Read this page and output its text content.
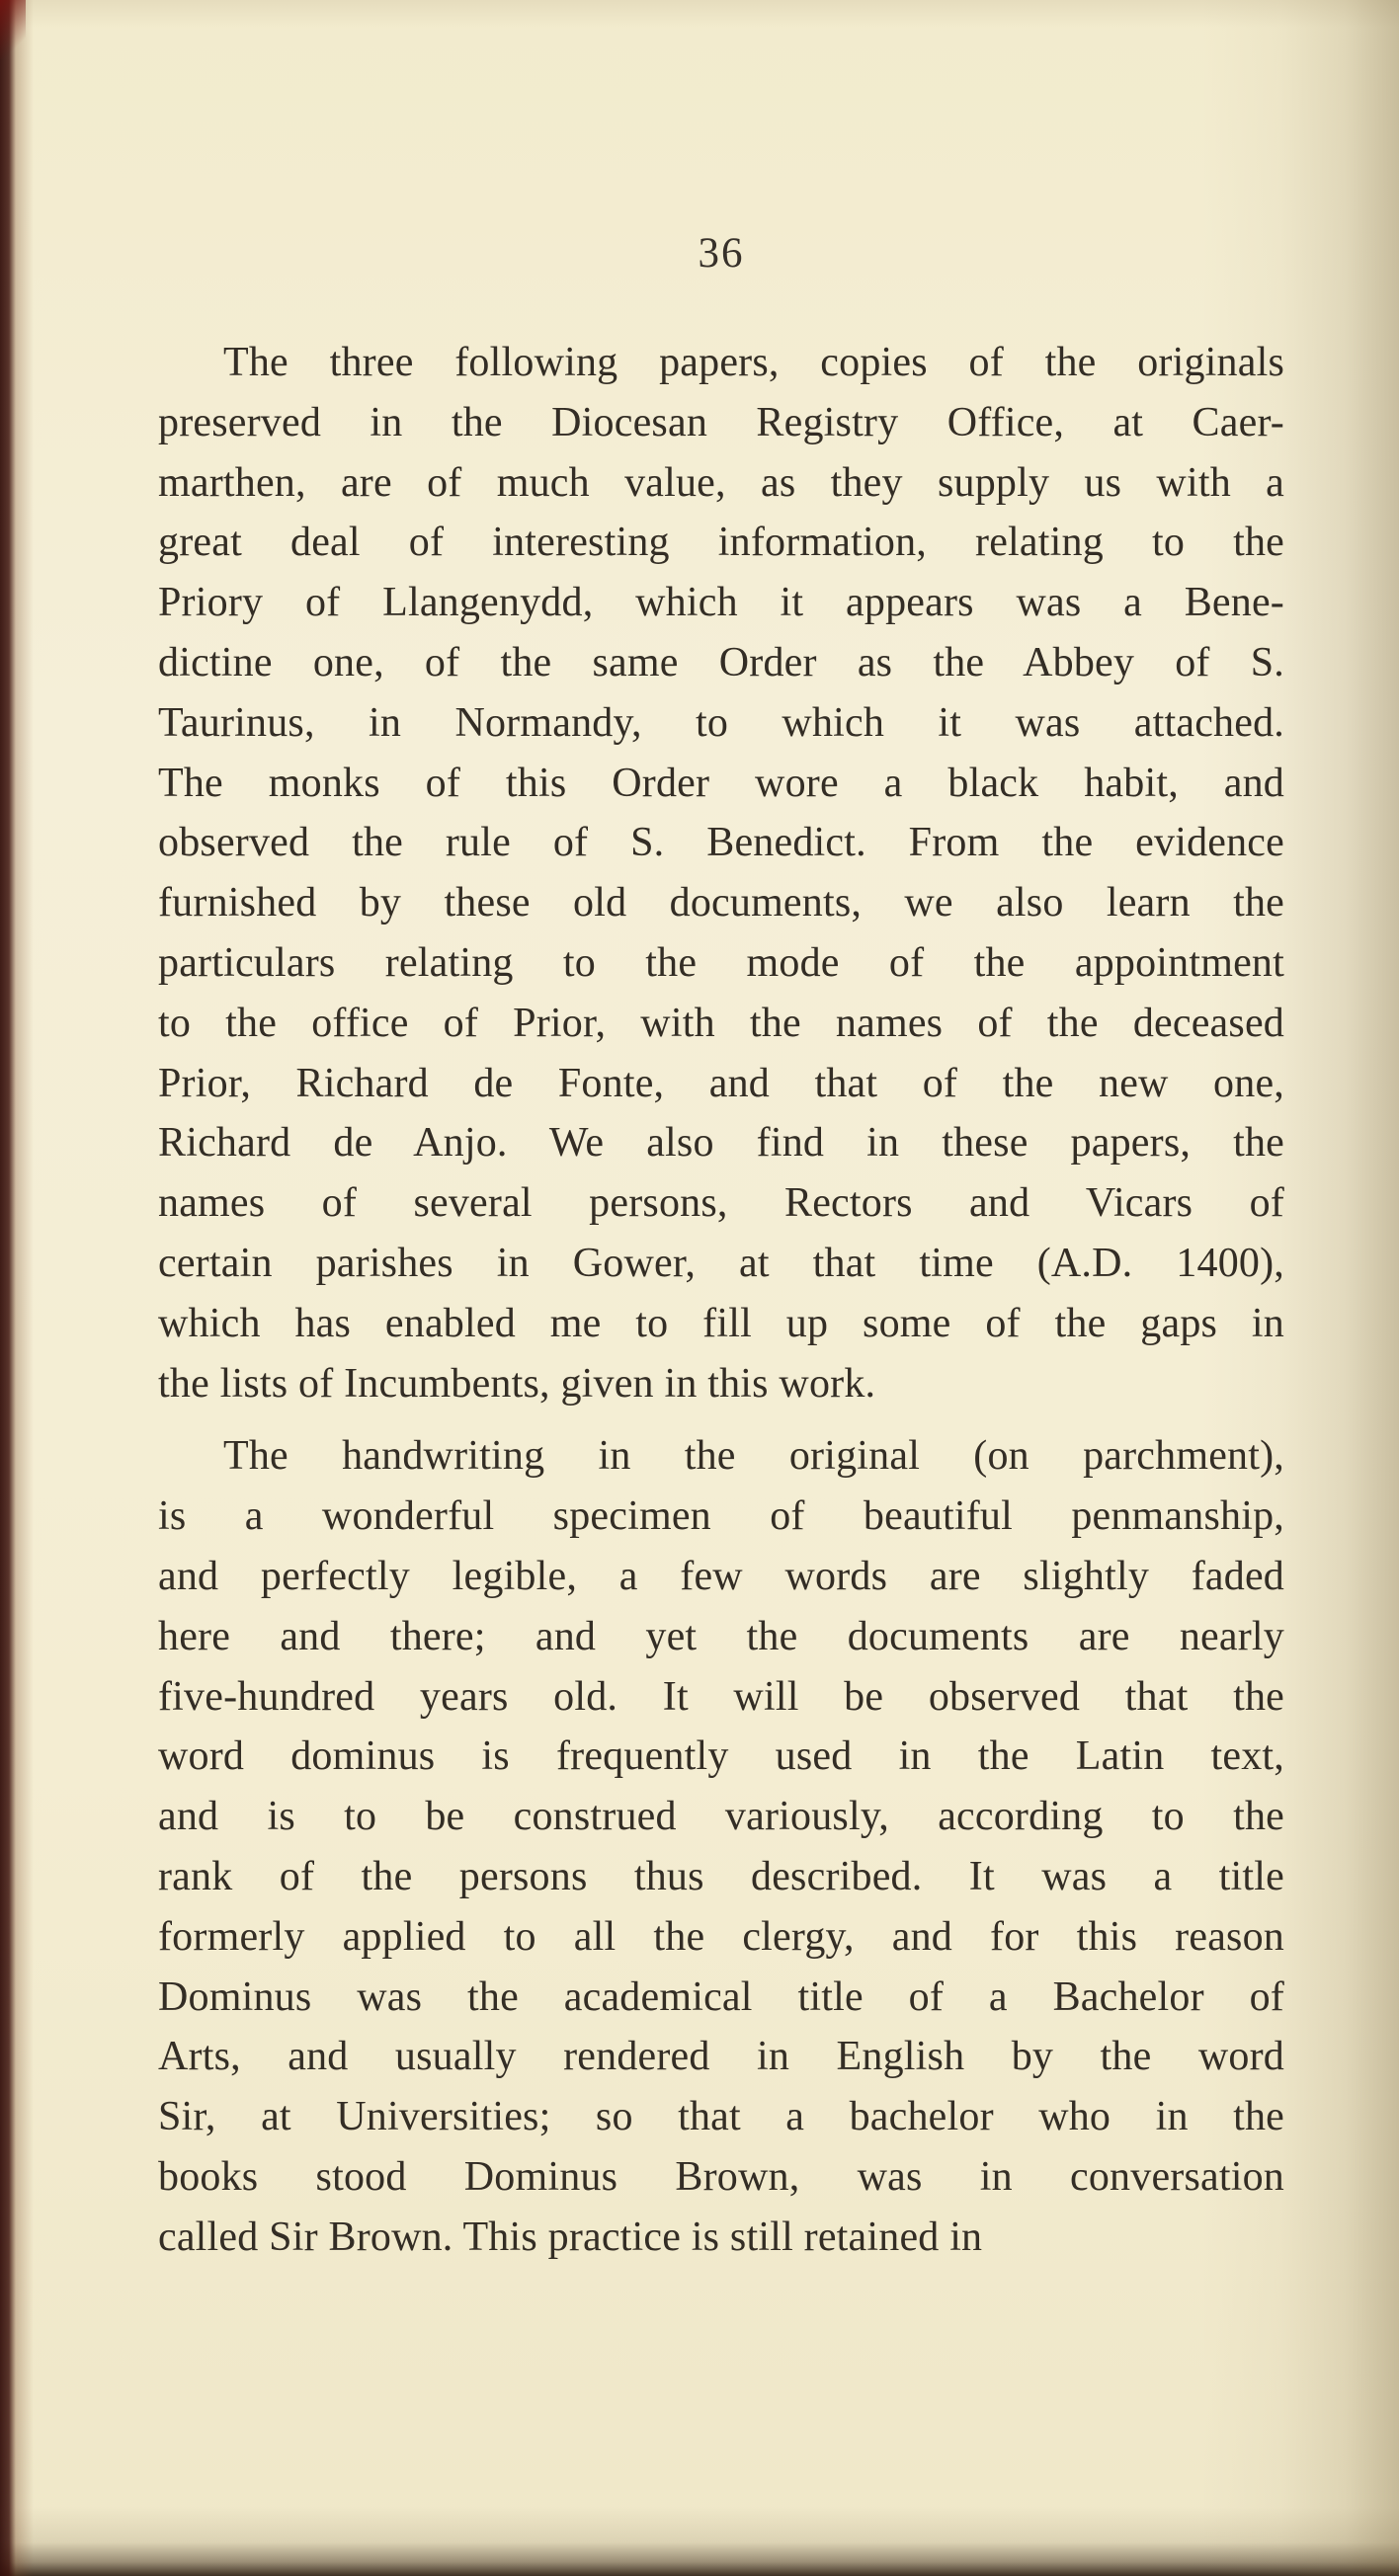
36
The three following papers, copies of the originals
preserved in the Diocesan Registry Office, at Caer-
marthen, are of much value, as they supply us with a
great deal of interesting information, relating to the
Priory of Llangenydd, which it appears was a Bene-
dictine one, of the same Order as the Abbey of S.
Taurinus, in Normandy, to which it was attached.
The monks of this Order wore a black habit, and
observed the rule of S. Benedict. From the evidence
furnished by these old documents, we also learn the
particulars relating to the mode of the appointment
to the office of Prior, with the names of the deceased
Prior, Richard de Fonte, and that of the new one,
Richard de Anjo. We also find in these papers, the
names of several persons, Rectors and Vicars of
certain parishes in Gower, at that time (A.D. 1400),
which has enabled me to fill up some of the gaps in
the lists of Incumbents, given in this work.
The handwriting in the original (on parchment),
is a wonderful specimen of beautiful penmanship,
and perfectly legible, a few words are slightly faded
here and there; and yet the documents are nearly
five-hundred years old. It will be observed that the
word dominus is frequently used in the Latin text,
and is to be construed variously, according to the
rank of the persons thus described. It was a title
formerly applied to all the clergy, and for this reason
Dominus was the academical title of a Bachelor of
Arts, and usually rendered in English by the word
Sir, at Universities; so that a bachelor who in the
books stood Dominus Brown, was in conversation
called Sir Brown. This practice is still retained in
